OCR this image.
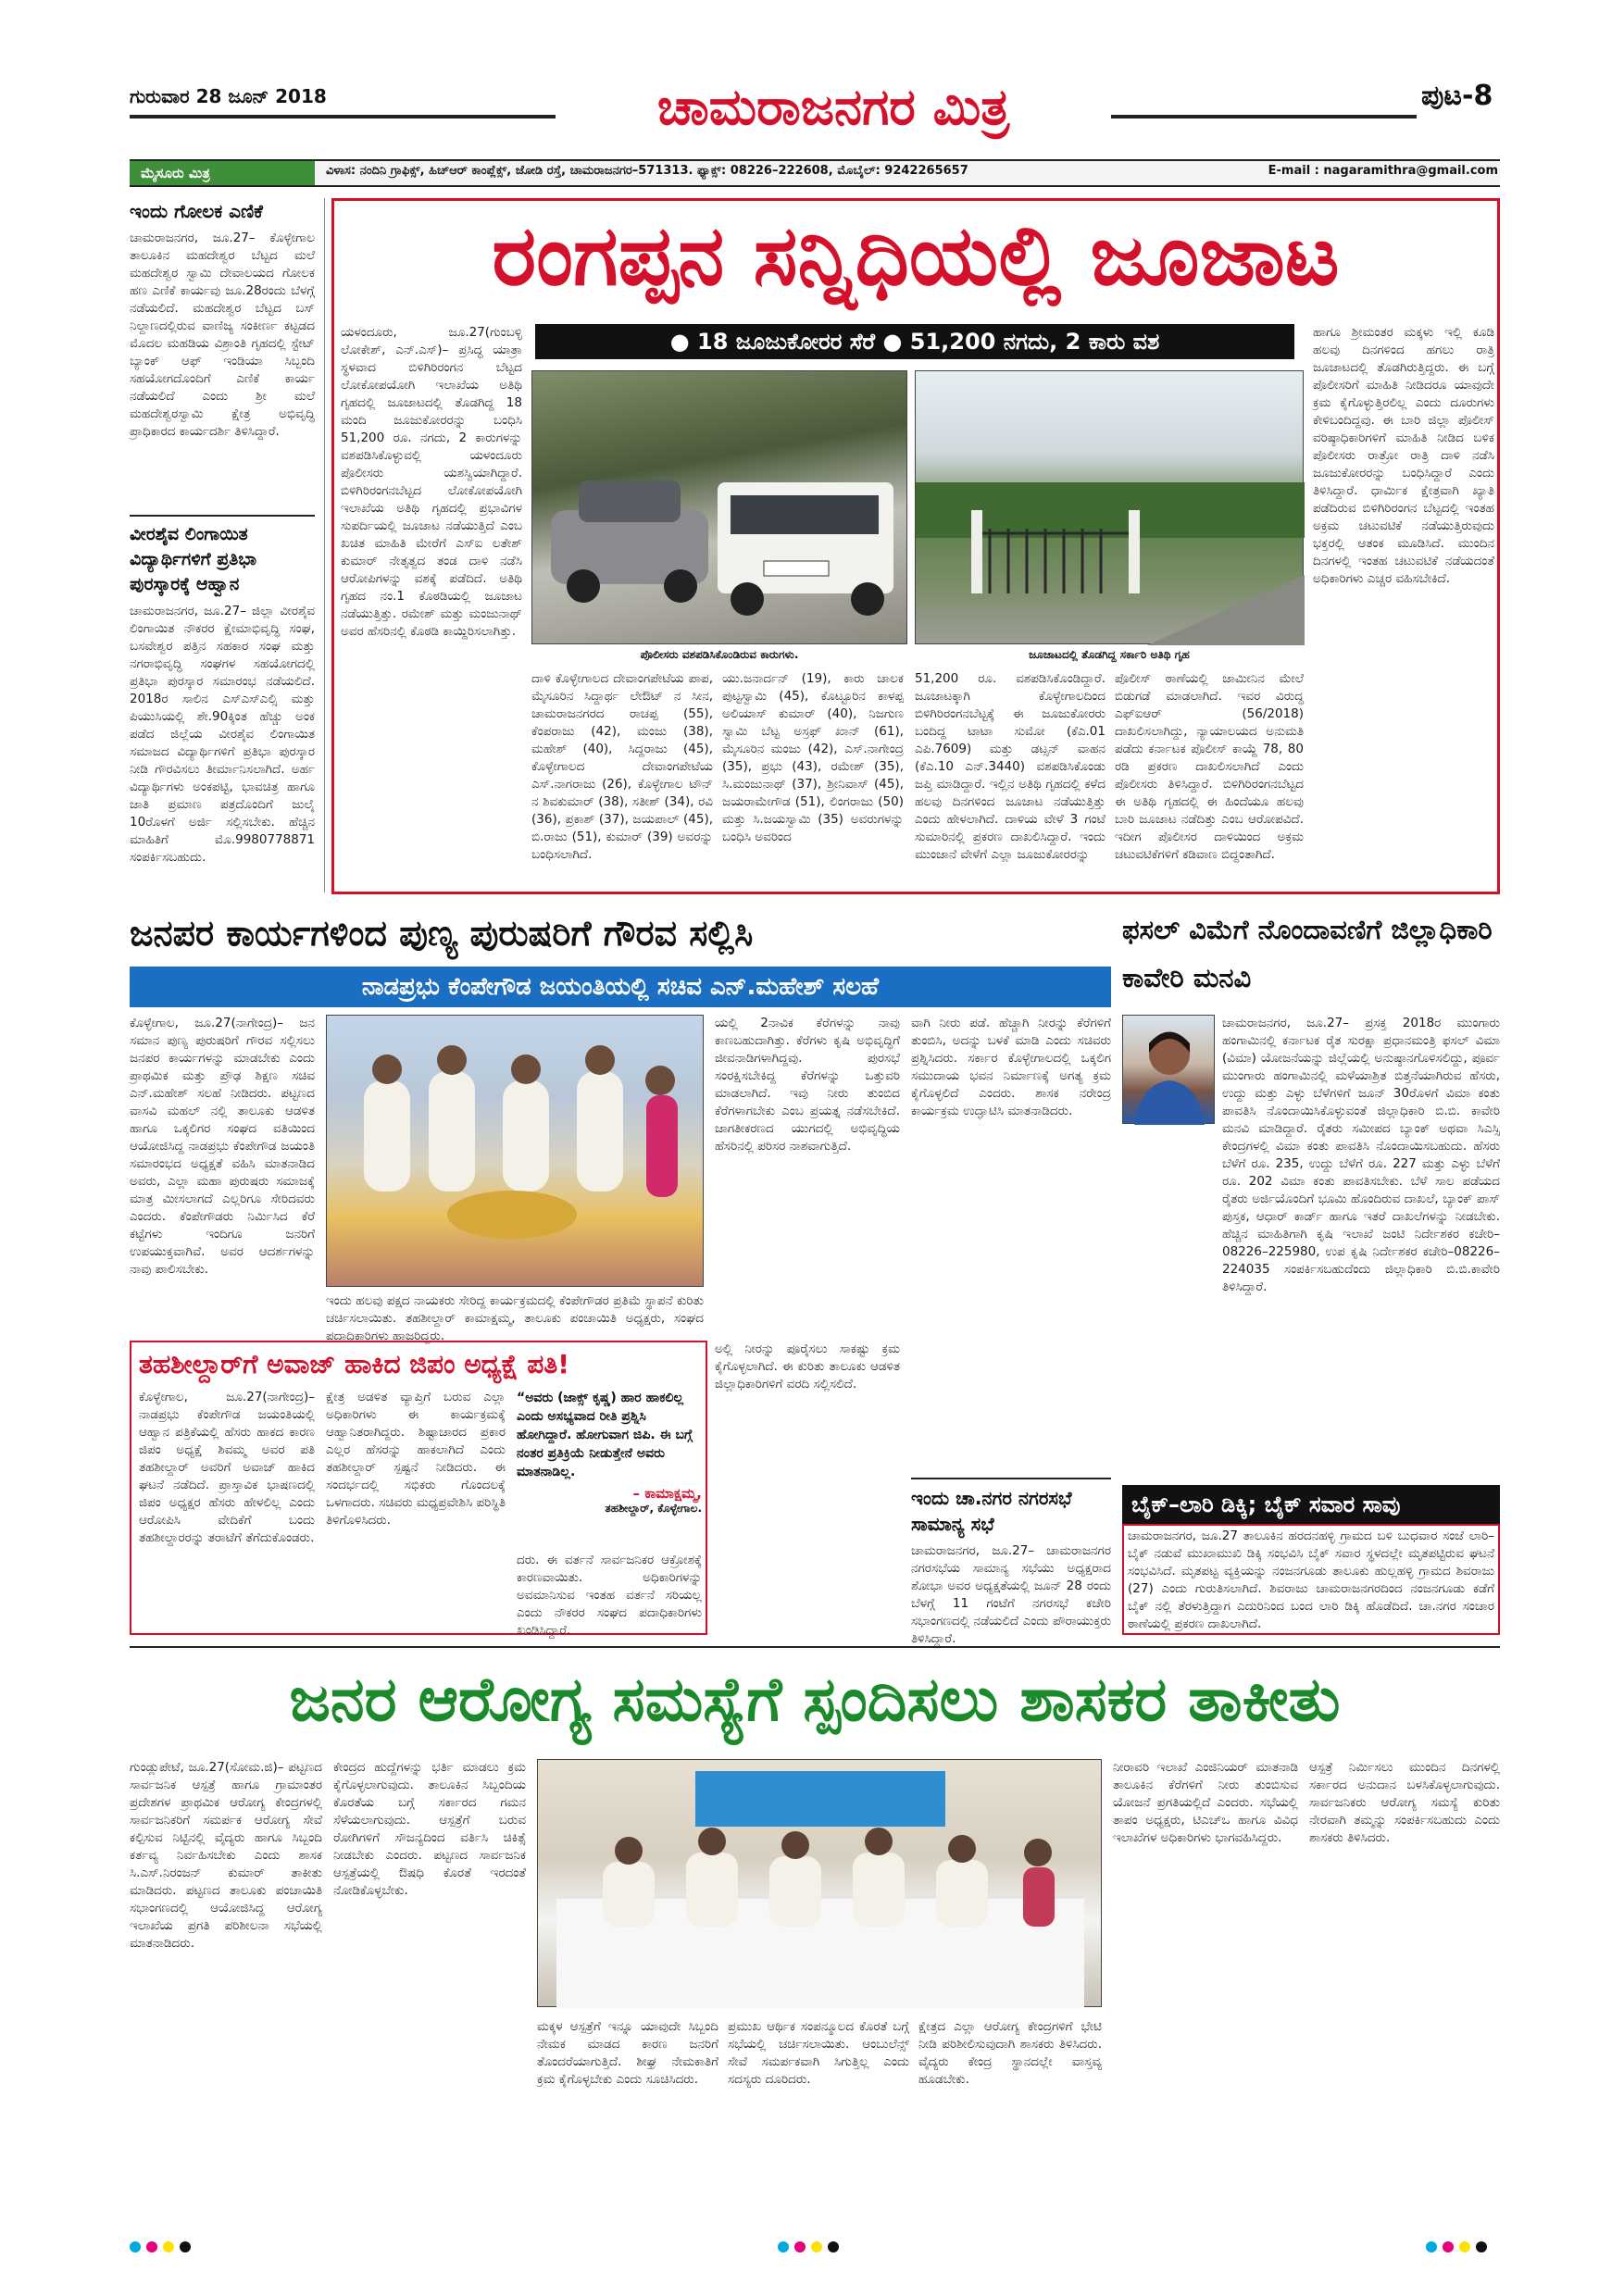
ಗುರುವಾರ 28 ಜೂನ್ 2018	ಚಾಮರಾಜನಗರ ಮಿತ್ರ	ಪುಟ-8
ಮೈಸೂರು ಮಿತ್ರ	ವಿಳಾಸ: ನಂದಿನಿ ಗ್ರಾಫಿಕ್ಸ್, ಹಿಚ್ಆರ್ ಕಾಂಪ್ಲೆಕ್ಸ್, ಜೋಡಿ ರಸ್ತೆ, ಚಾಮರಾಜನಗರ–571313. ಫ್ಯಾಕ್ಸ್: 08226–222608, ಮೊಬೈಲ್: 9242265657	E-mail : nagaramithra@gmail.com
ಇಂದು ಗೋಲಕ ಎಣಿಕೆ
ಚಾಮರಾಜನಗರ, ಜೂ.27– ಕೊಳ್ಳೇಗಾಲ ತಾಲೂಕಿನ ಮಹದೇಶ್ವರ ಬೆಟ್ಟದ ಮಲೆ ಮಹದೇಶ್ವರ ಸ್ವಾಮಿ ದೇವಾಲಯದ ಗೋಲಕ ಹಣ ಎಣಿಕೆ ಕಾರ್ಯವು ಜೂ.28ರಂದು ಬೆಳಗ್ಗೆ ನಡೆಯಲಿದೆ. ಮಹದೇಶ್ವರ ಬೆಟ್ಟದ ಬಸ್ ನಿಲ್ದಾಣದಲ್ಲಿರುವ ವಾಣಿಜ್ಯ ಸಂಕೀರ್ಣ ಕಟ್ಟಡದ ಮೊದಲ ಮಹಡಿಯ ವಿಶ್ರಾಂತಿ ಗೃಹದಲ್ಲಿ ಸ್ಟೇಟ್ ಬ್ಯಾಂಕ್ ಆಫ್ ಇಂಡಿಯಾ ಸಿಬ್ಬಂದಿ ಸಹಯೋಗದೊಂದಿಗೆ ಎಣಿಕೆ ಕಾರ್ಯ ನಡೆಯಲಿದೆ ಎಂದು ಶ್ರೀ ಮಲೆ ಮಹದೇಶ್ವರಸ್ವಾಮಿ ಕ್ಷೇತ್ರ ಅಭಿವೃದ್ಧಿ ಪ್ರಾಧಿಕಾರದ ಕಾರ್ಯದರ್ಶಿ ತಿಳಿಸಿದ್ದಾರೆ.
ವೀರಶೈವ ಲಿಂಗಾಯಿತ ವಿದ್ಯಾರ್ಥಿಗಳಿಗೆ ಪ್ರತಿಭಾ ಪುರಸ್ಕಾರಕ್ಕೆ ಆಹ್ವಾನ
ಚಾಮರಾಜನಗರ, ಜೂ.27– ಜಿಲ್ಲಾ ವೀರಶೈವ ಲಿಂಗಾಯಿತ ನೌಕರರ ಕ್ಷೇಮಾಭಿವೃದ್ಧಿ ಸಂಘ, ಬಸವೇಶ್ವರ ಪತ್ತಿನ ಸಹಕಾರ ಸಂಘ ಮತ್ತು ನಗರಾಭಿವೃದ್ಧಿ ಸಂಘಗಳ ಸಹಯೋಗದಲ್ಲಿ ಪ್ರತಿಭಾ ಪುರಸ್ಕಾರ ಸಮಾರಂಭ ನಡೆಯಲಿದೆ. 2018ರ ಸಾಲಿನ ಎಸ್ಎಸ್ಎಲ್ಸಿ ಮತ್ತು ಪಿಯುಸಿಯಲ್ಲಿ ಶೇ.90ಕ್ಕಿಂತ ಹೆಚ್ಚು ಅಂಕ ಪಡೆದ ಜಿಲ್ಲೆಯ ವೀರಶೈವ ಲಿಂಗಾಯಿತ ಸಮಾಜದ ವಿದ್ಯಾರ್ಥಿಗಳಿಗೆ ಪ್ರತಿಭಾ ಪುರಸ್ಕಾರ ನೀಡಿ ಗೌರವಿಸಲು ತೀರ್ಮಾನಿಸಲಾಗಿದೆ. ಅರ್ಹ ವಿದ್ಯಾರ್ಥಿಗಳು ಅಂಕಪಟ್ಟಿ, ಭಾವಚಿತ್ರ ಹಾಗೂ ಜಾತಿ ಪ್ರಮಾಣ ಪತ್ರದೊಂದಿಗೆ ಜುಲೈ 10ರೊಳಗೆ ಅರ್ಜಿ ಸಲ್ಲಿಸಬೇಕು. ಹೆಚ್ಚಿನ ಮಾಹಿತಿಗೆ ಮೊ.9980778871 ಸಂಪರ್ಕಿಸಬಹುದು.
ರಂಗಪ್ಪನ ಸನ್ನಿಧಿಯಲ್ಲಿ ಜೂಜಾಟ
● 18 ಜೂಜುಕೋರರ ಸೆರೆ ● 51,200 ನಗದು, 2 ಕಾರು ವಶ
ಯಳಂದೂರು, ಜೂ.27(ಗುಂಬಳ್ಳಿ ಲೋಕೇಶ್, ಎನ್.ಎಸ್)– ಪ್ರಸಿದ್ಧ ಯಾತ್ರಾ ಸ್ಥಳವಾದ ಬಿಳಿಗಿರಿರಂಗನ ಬೆಟ್ಟದ ಲೋಕೋಪಯೋಗಿ ಇಲಾಖೆಯ ಅತಿಥಿ ಗೃಹದಲ್ಲಿ ಜೂಜಾಟದಲ್ಲಿ ತೊಡಗಿದ್ದ 18 ಮಂದಿ ಜೂಜುಕೋರರನ್ನು ಬಂಧಿಸಿ 51,200 ರೂ. ನಗದು, 2 ಕಾರುಗಳನ್ನು ವಶಪಡಿಸಿಕೊಳ್ಳುವಲ್ಲಿ ಯಳಂದೂರು ಪೊಲೀಸರು ಯಶಸ್ವಿಯಾಗಿದ್ದಾರೆ. ಬಿಳಿಗಿರಿರಂಗನಬೆಟ್ಟದ ಲೋಕೋಪಯೋಗಿ ಇಲಾಖೆಯ ಅತಿಥಿ ಗೃಹದಲ್ಲಿ ಪ್ರಭಾವಿಗಳ ಸುಪರ್ದಿಯಲ್ಲಿ ಜೂಜಾಟ ನಡೆಯುತ್ತಿದೆ ಎಂಬ ಖಚಿತ ಮಾಹಿತಿ ಮೇರೆಗೆ ಎಸ್ಐ ಲತೇಶ್ ಕುಮಾರ್ ನೇತೃತ್ವದ ತಂಡ ದಾಳಿ ನಡೆಸಿ ಆರೋಪಿಗಳನ್ನು ವಶಕ್ಕೆ ಪಡೆದಿದೆ. ಅತಿಥಿ ಗೃಹದ ನಂ.1 ಕೊಠಡಿಯಲ್ಲಿ ಜೂಜಾಟ ನಡೆಯುತ್ತಿತ್ತು. ರಮೇಶ್ ಮತ್ತು ಮಂಜುನಾಥ್ ಅವರ ಹೆಸರಿನಲ್ಲಿ ಕೊಠಡಿ ಕಾಯ್ದಿರಿಸಲಾಗಿತ್ತು.
ಪೊಲೀಸರು ವಶಪಡಿಸಿಕೊಂಡಿರುವ ಕಾರುಗಳು.	ಜೂಜಾಟದಲ್ಲಿ ತೊಡಗಿದ್ದ ಸರ್ಕಾರಿ ಅತಿಥಿ ಗೃಹ
ದಾಳಿ ಕೊಳ್ಳೇಗಾಲದ ದೇವಾಂಗಪೇಟೆಯ ಪಾಪ, ಮೈಸೂರಿನ ಸಿದ್ದಾರ್ಥ ಲೇಔಟ್ ನ ಸೀನ, ಚಾಮರಾಜನಗರದ ರಾಚಪ್ಪ (55), ಕೆಂಪರಾಜು (42), ಮಂಜು (38), ಮಹೇಶ್ (40), ಸಿದ್ದರಾಜು (45), ಕೊಳ್ಳೇಗಾಲದ ದೇವಾಂಗಪೇಟೆಯ ಎಸ್.ನಾಗರಾಜು (26), ಕೊಳ್ಳೇಗಾಲ ಟೌನ್ ನ ಶಿವಕುಮಾರ್ (38), ಸತೀಶ್ (34), ರವಿ (36), ಪ್ರಕಾಶ್ (37), ಜಯಪಾಲ್ (45), ಬಿ.ರಾಜು (51), ಕುಮಾರ್ (39) ಅವರನ್ನು ಬಂಧಿಸಲಾಗಿದೆ.
ಯು.ಜನಾರ್ದನ್ (19), ಕಾರು ಚಾಲಕ ಪುಟ್ಟಸ್ವಾಮಿ (45), ಕೊಟ್ಟೂರಿನ ಕಾಳಪ್ಪ ಅಲಿಯಾಸ್ ಕುಮಾರ್ (40), ನಿಜಗುಣ ಸ್ವಾಮಿ ಬೆಟ್ಟ ಅಸ್ರಫ್ ಖಾನ್ (61), ಮೈಸೂರಿನ ಮಂಜು (42), ಎಸ್.ನಾಗೇಂದ್ರ (35), ಪ್ರಭು (43), ರಮೇಶ್ (35), ಸಿ.ಮಂಜುನಾಥ್ (37), ಶ್ರೀನಿವಾಸ್ (45), ಜಯರಾಮೇಗೌಡ (51), ಲಿಂಗರಾಜು (50) ಮತ್ತು ಸಿ.ಜಯಸ್ವಾಮಿ (35) ಅವರುಗಳನ್ನು ಬಂಧಿಸಿ ಅವರಿಂದ
51,200 ರೂ. ವಶಪಡಿಸಿಕೊಂಡಿದ್ದಾರೆ. ಜೂಜಾಟಕ್ಕಾಗಿ ಕೊಳ್ಳೇಗಾಲದಿಂದ ಬಿಳಿಗಿರಿರಂಗನಬೆಟ್ಟಕ್ಕೆ ಈ ಜೂಜುಕೋರರು ಬಂದಿದ್ದ ಟಾಟಾ ಸುಮೋ (ಕೆಎ.01 ಎಪಿ.7609) ಮತ್ತು ಡಟ್ಸನ್ ವಾಹನ (ಕೆಎ.10 ಎನ್.3440) ವಶಪಡಿಸಿಕೊಂಡು ಜಪ್ತಿ ಮಾಡಿದ್ದಾರೆ. ಇಲ್ಲಿನ ಅತಿಥಿ ಗೃಹದಲ್ಲಿ ಕಳೆದ ಹಲವು ದಿನಗಳಿಂದ ಜೂಜಾಟ ನಡೆಯುತ್ತಿತ್ತು ಎಂದು ಹೇಳಲಾಗಿದೆ. ದಾಳಿಯ ವೇಳೆ 3 ಗಂಟೆ ಸುಮಾರಿನಲ್ಲಿ ಪ್ರಕರಣ ದಾಖಲಿಸಿದ್ದಾರೆ. ಇಂದು ಮುಂಜಾನೆ ವೇಳೆಗೆ ಎಲ್ಲಾ ಜೂಜುಕೋರರನ್ನು
ಪೊಲೀಸ್ ಠಾಣೆಯಲ್ಲಿ ಜಾಮೀನಿನ ಮೇಲೆ ಬಿಡುಗಡೆ ಮಾಡಲಾಗಿದೆ. ಇವರ ವಿರುದ್ಧ ಎಫ್ಐಆರ್ (56/2018) ದಾಖಲಿಸಲಾಗಿದ್ದು, ನ್ಯಾಯಾಲಯದ ಅನುಮತಿ ಪಡೆದು ಕರ್ನಾಟಕ ಪೊಲೀಸ್ ಕಾಯ್ದೆ 78, 80 ರಡಿ ಪ್ರಕರಣ ದಾಖಲಿಸಲಾಗಿದೆ ಎಂದು ಪೊಲೀಸರು ತಿಳಿಸಿದ್ದಾರೆ. ಬಿಳಿಗಿರಿರಂಗನಬೆಟ್ಟದ ಈ ಅತಿಥಿ ಗೃಹದಲ್ಲಿ ಈ ಹಿಂದೆಯೂ ಹಲವು ಬಾರಿ ಜೂಜಾಟ ನಡೆದಿತ್ತು ಎಂಬ ಆರೋಪವಿದೆ. ಇದೀಗ ಪೊಲೀಸರ ದಾಳಿಯಿಂದ ಅಕ್ರಮ ಚಟುವಟಿಕೆಗಳಿಗೆ ಕಡಿವಾಣ ಬಿದ್ದಂತಾಗಿದೆ.
ಹಾಗೂ ಶ್ರೀಮಂತರ ಮಕ್ಕಳು ಇಲ್ಲಿ ಕೂಡಿ ಹಲವು ದಿನಗಳಿಂದ ಹಗಲು ರಾತ್ರಿ ಜೂಜಾಟದಲ್ಲಿ ತೊಡಗಿರುತ್ತಿದ್ದರು. ಈ ಬಗ್ಗೆ ಪೊಲೀಸರಿಗೆ ಮಾಹಿತಿ ನೀಡಿದರೂ ಯಾವುದೇ ಕ್ರಮ ಕೈಗೊಳ್ಳುತ್ತಿರಲಿಲ್ಲ ಎಂದು ದೂರುಗಳು ಕೇಳಿಬಂದಿದ್ದವು. ಈ ಬಾರಿ ಜಿಲ್ಲಾ ಪೊಲೀಸ್ ವರಿಷ್ಠಾಧಿಕಾರಿಗಳಿಗೆ ಮಾಹಿತಿ ನೀಡಿದ ಬಳಿಕ ಪೊಲೀಸರು ರಾತ್ರೋ ರಾತ್ರಿ ದಾಳಿ ನಡೆಸಿ ಜೂಜುಕೋರರನ್ನು ಬಂಧಿಸಿದ್ದಾರೆ ಎಂದು ತಿಳಿಸಿದ್ದಾರೆ. ಧಾರ್ಮಿಕ ಕ್ಷೇತ್ರವಾಗಿ ಖ್ಯಾತಿ ಪಡೆದಿರುವ ಬಿಳಿಗಿರಿರಂಗನ ಬೆಟ್ಟದಲ್ಲಿ ಇಂತಹ ಅಕ್ರಮ ಚಟುವಟಿಕೆ ನಡೆಯುತ್ತಿರುವುದು ಭಕ್ತರಲ್ಲಿ ಆತಂಕ ಮೂಡಿಸಿದೆ. ಮುಂದಿನ ದಿನಗಳಲ್ಲಿ ಇಂತಹ ಚಟುವಟಿಕೆ ನಡೆಯದಂತೆ ಅಧಿಕಾರಿಗಳು ಎಚ್ಚರ ವಹಿಸಬೇಕಿದೆ.
ಜನಪರ ಕಾರ್ಯಗಳಿಂದ ಪುಣ್ಯ ಪುರುಷರಿಗೆ ಗೌರವ ಸಲ್ಲಿಸಿ
ನಾಡಪ್ರಭು ಕೆಂಪೇಗೌಡ ಜಯಂತಿಯಲ್ಲಿ ಸಚಿವ ಎನ್.ಮಹೇಶ್ ಸಲಹೆ
ಕೊಳ್ಳೇಗಾಲ, ಜೂ.27(ನಾಗೇಂದ್ರ)– ಜನ ಸಮಾನ ಪುಣ್ಯ ಪುರುಷರಿಗೆ ಗೌರವ ಸಲ್ಲಿಸಲು ಜನಪರ ಕಾರ್ಯಗಳನ್ನು ಮಾಡಬೇಕು ಎಂದು ಪ್ರಾಥಮಿಕ ಮತ್ತು ಪ್ರೌಢ ಶಿಕ್ಷಣ ಸಚಿವ ಎನ್.ಮಹೇಶ್ ಸಲಹೆ ನೀಡಿದರು. ಪಟ್ಟಣದ ವಾಸವಿ ಮಹಲ್ ನಲ್ಲಿ ತಾಲೂಕು ಆಡಳಿತ ಹಾಗೂ ಒಕ್ಕಲಿಗರ ಸಂಘದ ವತಿಯಿಂದ ಆಯೋಜಿಸಿದ್ದ ನಾಡಪ್ರಭು ಕೆಂಪೇಗೌಡ ಜಯಂತಿ ಸಮಾರಂಭದ ಅಧ್ಯಕ್ಷತೆ ವಹಿಸಿ ಮಾತನಾಡಿದ ಅವರು, ಎಲ್ಲಾ ಮಹಾ ಪುರುಷರು ಸಮಾಜಕ್ಕೆ ಮಾತ್ರ ಮೀಸಲಾಗದೆ ಎಲ್ಲರಿಗೂ ಸೇರಿದವರು ಎಂದರು. ಕೆಂಪೇಗೌಡರು ನಿರ್ಮಿಸಿದ ಕೆರೆ ಕಟ್ಟೆಗಳು ಇಂದಿಗೂ ಜನರಿಗೆ ಉಪಯುಕ್ತವಾಗಿವೆ. ಅವರ ಆದರ್ಶಗಳನ್ನು ನಾವು ಪಾಲಿಸಬೇಕು.
ಯಲ್ಲಿ 2ನಾವಿಕ ಕೆರೆಗಳನ್ನು ನಾವು ಕಾಣಬಹುದಾಗಿತ್ತು. ಕೆರೆಗಳು ಕೃಷಿ ಅಭಿವೃದ್ಧಿಗೆ ಜೀವನಾಡಿಗಳಾಗಿದ್ದವು. ಪುರಸಭೆ ಸಂರಕ್ಷಿಸಬೇಕಿದ್ದ ಕೆರೆಗಳನ್ನು ಒತ್ತುವರಿ ಮಾಡಲಾಗಿದೆ. ಇವು ನೀರು ತುಂಬಿದ ಕೆರೆಗಳಾಗಬೇಕು ಎಂಬ ಪ್ರಯತ್ನ ನಡೆಸಬೇಕಿದೆ. ಜಾಗತೀಕರಣದ ಯುಗದಲ್ಲಿ ಅಭಿವೃದ್ಧಿಯ ಹೆಸರಿನಲ್ಲಿ ಪರಿಸರ ನಾಶವಾಗುತ್ತಿದೆ.
ವಾಗಿ ನೀರು ಪಡೆ. ಹೆಚ್ಚಾಗಿ ನೀರನ್ನು ಕೆರೆಗಳಿಗೆ ತುಂಬಿಸಿ, ಅದನ್ನು ಬಳಕೆ ಮಾಡಿ ಎಂದು ಸಚಿವರು ಪ್ರಶ್ನಿಸಿದರು. ಸರ್ಕಾರ ಕೊಳ್ಳೇಗಾಲದಲ್ಲಿ ಒಕ್ಕಲಿಗ ಸಮುದಾಯ ಭವನ ನಿರ್ಮಾಣಕ್ಕೆ ಅಗತ್ಯ ಕ್ರಮ ಕೈಗೊಳ್ಳಲಿದೆ ಎಂದರು. ಶಾಸಕ ನರೇಂದ್ರ ಕಾರ್ಯಕ್ರಮ ಉದ್ಘಾಟಿಸಿ ಮಾತನಾಡಿದರು.
ಇಂದು ಹಲವು ಪಕ್ಷದ ನಾಯಕರು ಸೇರಿದ್ದ ಕಾರ್ಯಕ್ರಮದಲ್ಲಿ ಕೆಂಪೇಗೌಡರ ಪ್ರತಿಮೆ ಸ್ಥಾಪನೆ ಕುರಿತು ಚರ್ಚಿಸಲಾಯಿತು. ತಹಶೀಲ್ದಾರ್ ಕಾಮಾಕ್ಷಮ್ಮ, ತಾಲೂಕು ಪಂಚಾಯಿತಿ ಅಧ್ಯಕ್ಷರು, ಸಂಘದ ಪದಾಧಿಕಾರಿಗಳು ಹಾಜರಿದ್ದರು.
ತಹಶೀಲ್ದಾರ್‌ಗೆ ಅವಾಜ್ ಹಾಕಿದ ಜಿಪಂ ಅಧ್ಯಕ್ಷೆ ಪತಿ!
ಕೊಳ್ಳೇಗಾಲ, ಜೂ.27(ನಾಗೇಂದ್ರ)– ನಾಡಪ್ರಭು ಕೆಂಪೇಗೌಡ ಜಯಂತಿಯಲ್ಲಿ ಆಹ್ವಾನ ಪತ್ರಿಕೆಯಲ್ಲಿ ಹೆಸರು ಹಾಕದ ಕಾರಣ ಜಿಪಂ ಅಧ್ಯಕ್ಷೆ ಶಿವಮ್ಮ ಅವರ ಪತಿ ತಹಶೀಲ್ದಾರ್ ಅವರಿಗೆ ಅವಾಜ್ ಹಾಕಿದ ಘಟನೆ ನಡೆದಿದೆ. ಪ್ರಾಸ್ತಾವಿಕ ಭಾಷಣದಲ್ಲಿ ಜಿಪಂ ಅಧ್ಯಕ್ಷರ ಹೆಸರು ಹೇಳಲಿಲ್ಲ ಎಂದು ಆರೋಪಿಸಿ ವೇದಿಕೆಗೆ ಬಂದು ತಹಶೀಲ್ದಾರರನ್ನು ತರಾಟೆಗೆ ತೆಗೆದುಕೊಂಡರು.
ಕ್ಷೇತ್ರ ಅಡಳಿತ ವ್ಯಾಪ್ತಿಗೆ ಬರುವ ಎಲ್ಲಾ ಅಧಿಕಾರಿಗಳು ಈ ಕಾರ್ಯಕ್ರಮಕ್ಕೆ ಆಹ್ವಾನಿತರಾಗಿದ್ದರು. ಶಿಷ್ಟಾಚಾರದ ಪ್ರಕಾರ ಎಲ್ಲರ ಹೆಸರನ್ನು ಹಾಕಲಾಗಿದೆ ಎಂದು ತಹಶೀಲ್ದಾರ್ ಸ್ಪಷ್ಟನೆ ನೀಡಿದರು. ಈ ಸಂದರ್ಭದಲ್ಲಿ ಸಭಿಕರು ಗೊಂದಲಕ್ಕೆ ಒಳಗಾದರು. ಸಚಿವರು ಮಧ್ಯಪ್ರವೇಶಿಸಿ ಪರಿಸ್ಥಿತಿ ತಿಳಿಗೊಳಿಸಿದರು.
“ಅವರು (ಜಾಕ್ಸ್ ಕೃಷ್ಣ) ಹಾರ ಹಾಕಲಿಲ್ಲ ಎಂದು ಅಸಭ್ಯವಾದ ರೀತಿ ಪ್ರಶ್ನಿಸಿ ಹೋಗಿದ್ದಾರೆ. ಹೋಗುವಾಗ ಜಿಪಿ. ಈ ಬಗ್ಗೆ ನಂತರ ಪ್ರತಿಕ್ರಿಯೆ ನೀಡುತ್ತೇನೆ ಅವರು ಮಾತನಾಡಿಲ್ಲ.
– ಕಾಮಾಕ್ಷಮ್ಮ,
ತಹಶೀಲ್ದಾರ್, ಕೊಳ್ಳೇಗಾಲ.
ದರು. ಈ ವರ್ತನೆ ಸಾರ್ವಜನಿಕರ ಆಕ್ರೋಶಕ್ಕೆ ಕಾರಣವಾಯಿತು. ಅಧಿಕಾರಿಗಳನ್ನು ಅವಮಾನಿಸುವ ಇಂತಹ ವರ್ತನೆ ಸರಿಯಲ್ಲ ಎಂದು ನೌಕರರ ಸಂಘದ ಪದಾಧಿಕಾರಿಗಳು ಖಂಡಿಸಿದ್ದಾರೆ.
ಅಲ್ಲಿ ನೀರನ್ನು ಪೂರೈಸಲು ಸಾಕಷ್ಟು ಕ್ರಮ ಕೈಗೊಳ್ಳಲಾಗಿದೆ. ಈ ಕುರಿತು ತಾಲೂಕು ಆಡಳಿತ ಜಿಲ್ಲಾಧಿಕಾರಿಗಳಿಗೆ ವರದಿ ಸಲ್ಲಿಸಲಿದೆ.
ಇಂದು ಚಾ.ನಗರ ನಗರಸಭೆ ಸಾಮಾನ್ಯ ಸಭೆ
ಚಾಮರಾಜನಗರ, ಜೂ.27– ಚಾಮರಾಜನಗರ ನಗರಸಭೆಯ ಸಾಮಾನ್ಯ ಸಭೆಯು ಅಧ್ಯಕ್ಷರಾದ ಶೋಭಾ ಅವರ ಅಧ್ಯಕ್ಷತೆಯಲ್ಲಿ ಜೂನ್ 28 ರಂದು ಬೆಳಗ್ಗೆ 11 ಗಂಟೆಗೆ ನಗರಸಭೆ ಕಚೇರಿ ಸಭಾಂಗಣದಲ್ಲಿ ನಡೆಯಲಿದೆ ಎಂದು ಪೌರಾಯುಕ್ತರು ತಿಳಿಸಿದ್ದಾರೆ.
ಫಸಲ್ ವಿಮೆಗೆ ನೊಂದಾವಣಿಗೆ ಜಿಲ್ಲಾಧಿಕಾರಿ ಕಾವೇರಿ ಮನವಿ
ಚಾಮರಾಜನಗರ, ಜೂ.27– ಪ್ರಸಕ್ತ 2018ರ ಮುಂಗಾರು ಹಂಗಾಮಿನಲ್ಲಿ ಕರ್ನಾಟಕ ರೈತ ಸುರಕ್ಷಾ ಪ್ರಧಾನಮಂತ್ರಿ ಫಸಲ್ ವಿಮಾ (ವಿಮಾ) ಯೋಜನೆಯನ್ನು ಜಿಲ್ಲೆಯಲ್ಲಿ ಅನುಷ್ಠಾನಗೊಳಿಸಲಿದ್ದು, ಪೂರ್ವ ಮುಂಗಾರು ಹಂಗಾಮಿನಲ್ಲಿ ಮಳೆಯಾಶ್ರಿತ ಬಿತ್ತನೆಯಾಗಿರುವ ಹೆಸರು, ಉದ್ದು ಮತ್ತು ಎಳ್ಳು ಬೆಳೆಗಳಿಗೆ ಜೂನ್ 30ರೊಳಗೆ ವಿಮಾ ಕಂತು ಪಾವತಿಸಿ ನೊಂದಾಯಿಸಿಕೊಳ್ಳುವಂತೆ ಜಿಲ್ಲಾಧಿಕಾರಿ ಬಿ.ಬಿ. ಕಾವೇರಿ ಮನವಿ ಮಾಡಿದ್ದಾರೆ. ರೈತರು ಸಮೀಪದ ಬ್ಯಾಂಕ್ ಅಥವಾ ಸಿಎಸ್ಸಿ ಕೇಂದ್ರಗಳಲ್ಲಿ ವಿಮಾ ಕಂತು ಪಾವತಿಸಿ ನೊಂದಾಯಿಸಬಹುದು. ಹೆಸರು ಬೆಳೆಗೆ ರೂ. 235, ಉದ್ದು ಬೆಳೆಗೆ ರೂ. 227 ಮತ್ತು ಎಳ್ಳು ಬೆಳೆಗೆ ರೂ. 202 ವಿಮಾ ಕಂತು ಪಾವತಿಸಬೇಕು. ಬೆಳೆ ಸಾಲ ಪಡೆಯದ ರೈತರು ಅರ್ಜಿಯೊಂದಿಗೆ ಭೂಮಿ ಹೊಂದಿರುವ ದಾಖಲೆ, ಬ್ಯಾಂಕ್ ಪಾಸ್ ಪುಸ್ತಕ, ಆಧಾರ್ ಕಾರ್ಡ್ ಹಾಗೂ ಇತರೆ ದಾಖಲೆಗಳನ್ನು ನೀಡಬೇಕು. ಹೆಚ್ಚಿನ ಮಾಹಿತಿಗಾಗಿ ಕೃಷಿ ಇಲಾಖೆ ಜಂಟಿ ನಿರ್ದೇಶಕರ ಕಚೇರಿ–08226–225980, ಉಪ ಕೃಷಿ ನಿರ್ದೇಶಕರ ಕಚೇರಿ–08226–224035 ಸಂಪರ್ಕಿಸಬಹುದೆಂದು ಜಿಲ್ಲಾಧಿಕಾರಿ ಬಿ.ಬಿ.ಕಾವೇರಿ ತಿಳಿಸಿದ್ದಾರೆ.
ಬೈಕ್–ಲಾರಿ ಡಿಕ್ಕಿ; ಬೈಕ್ ಸವಾರ ಸಾವು
ಚಾಮರಾಜನಗರ, ಜೂ.27 ತಾಲೂಕಿನ ಹರದನಹಳ್ಳಿ ಗ್ರಾಮದ ಬಳಿ ಬುಧವಾರ ಸಂಜೆ ಲಾರಿ–ಬೈಕ್ ನಡುವೆ ಮುಖಾಮುಖಿ ಡಿಕ್ಕಿ ಸಂಭವಿಸಿ ಬೈಕ್ ಸವಾರ ಸ್ಥಳದಲ್ಲೇ ಮೃತಪಟ್ಟಿರುವ ಘಟನೆ ಸಂಭವಿಸಿದೆ. ಮೃತಪಟ್ಟ ವ್ಯಕ್ತಿಯನ್ನು ನಂಜನಗೂಡು ತಾಲೂಕು ಹುಲ್ಲಹಳ್ಳಿ ಗ್ರಾಮದ ಶಿವರಾಜು (27) ಎಂದು ಗುರುತಿಸಲಾಗಿದೆ. ಶಿವರಾಜು ಚಾಮರಾಜನಗರದಿಂದ ನಂಜನಗೂಡು ಕಡೆಗೆ ಬೈಕ್ ನಲ್ಲಿ ತೆರಳುತ್ತಿದ್ದಾಗ ಎದುರಿನಿಂದ ಬಂದ ಲಾರಿ ಡಿಕ್ಕಿ ಹೊಡೆದಿದೆ. ಚಾ.ನಗರ ಸಂಚಾರ ಠಾಣೆಯಲ್ಲಿ ಪ್ರಕರಣ ದಾಖಲಾಗಿದೆ.
ಜನರ ಆರೋಗ್ಯ ಸಮಸ್ಯೆಗೆ ಸ್ಪಂದಿಸಲು ಶಾಸಕರ ತಾಕೀತು
ಗುಂಡ್ಲುಪೇಟೆ, ಜೂ.27(ಸೋಮ.ಜಿ)– ಪಟ್ಟಣದ ಸಾರ್ವಜನಿಕ ಆಸ್ಪತ್ರೆ ಹಾಗೂ ಗ್ರಾಮಾಂತರ ಪ್ರದೇಶಗಳ ಪ್ರಾಥಮಿಕ ಆರೋಗ್ಯ ಕೇಂದ್ರಗಳಲ್ಲಿ ಸಾರ್ವಜನಿಕರಿಗೆ ಸಮರ್ಪಕ ಆರೋಗ್ಯ ಸೇವೆ ಕಲ್ಪಿಸುವ ನಿಟ್ಟಿನಲ್ಲಿ ವೈದ್ಯರು ಹಾಗೂ ಸಿಬ್ಬಂದಿ ಕರ್ತವ್ಯ ನಿರ್ವಹಿಸಬೇಕು ಎಂದು ಶಾಸಕ ಸಿ.ಎಸ್.ನಿರಂಜನ್ ಕುಮಾರ್ ತಾಕೀತು ಮಾಡಿದರು. ಪಟ್ಟಣದ ತಾಲೂಕು ಪಂಚಾಯಿತಿ ಸಭಾಂಗಣದಲ್ಲಿ ಆಯೋಜಿಸಿದ್ದ ಆರೋಗ್ಯ ಇಲಾಖೆಯ ಪ್ರಗತಿ ಪರಿಶೀಲನಾ ಸಭೆಯಲ್ಲಿ ಮಾತನಾಡಿದರು.
ಕೇಂದ್ರದ ಹುದ್ದೆಗಳನ್ನು ಭರ್ತಿ ಮಾಡಲು ಕ್ರಮ ಕೈಗೊಳ್ಳಲಾಗುವುದು. ತಾಲೂಕಿನ ಸಿಬ್ಬಂದಿಯ ಕೊರತೆಯ ಬಗ್ಗೆ ಸರ್ಕಾರದ ಗಮನ ಸೆಳೆಯಲಾಗುವುದು. ಆಸ್ಪತ್ರೆಗೆ ಬರುವ ರೋಗಿಗಳಿಗೆ ಸೌಜನ್ಯದಿಂದ ವರ್ತಿಸಿ ಚಿಕಿತ್ಸೆ ನೀಡಬೇಕು ಎಂದರು. ಪಟ್ಟಣದ ಸಾರ್ವಜನಿಕ ಆಸ್ಪತ್ರೆಯಲ್ಲಿ ಔಷಧಿ ಕೊರತೆ ಇರದಂತೆ ನೋಡಿಕೊಳ್ಳಬೇಕು.
ಮಕ್ಕಳ ಆಸ್ಪತ್ರೆಗೆ ಇನ್ನೂ ಯಾವುದೇ ಸಿಬ್ಬಂದಿ ನೇಮಕ ಮಾಡದ ಕಾರಣ ಜನರಿಗೆ ತೊಂದರೆಯಾಗುತ್ತಿದೆ. ಶೀಘ್ರ ನೇಮಕಾತಿಗೆ ಕ್ರಮ ಕೈಗೊಳ್ಳಬೇಕು ಎಂದು ಸೂಚಿಸಿದರು.
ಪ್ರಮುಖ ಆರ್ಥಿಕ ಸಂಪನ್ಮೂಲದ ಕೊರತೆ ಬಗ್ಗೆ ಸಭೆಯಲ್ಲಿ ಚರ್ಚಿಸಲಾಯಿತು. ಆಂಬುಲೆನ್ಸ್ ಸೇವೆ ಸಮರ್ಪಕವಾಗಿ ಸಿಗುತ್ತಿಲ್ಲ ಎಂದು ಸದಸ್ಯರು ದೂರಿದರು.
ಕ್ಷೇತ್ರದ ಎಲ್ಲಾ ಆರೋಗ್ಯ ಕೇಂದ್ರಗಳಿಗೆ ಭೇಟಿ ನೀಡಿ ಪರಿಶೀಲಿಸುವುದಾಗಿ ಶಾಸಕರು ತಿಳಿಸಿದರು. ವೈದ್ಯರು ಕೇಂದ್ರ ಸ್ಥಾನದಲ್ಲೇ ವಾಸ್ತವ್ಯ ಹೂಡಬೇಕು.
ನೀರಾವರಿ ಇಲಾಖೆ ಎಂಜಿನಿಯರ್ ಮಾತನಾಡಿ ತಾಲೂಕಿನ ಕೆರೆಗಳಿಗೆ ನೀರು ತುಂಬಿಸುವ ಯೋಜನೆ ಪ್ರಗತಿಯಲ್ಲಿದೆ ಎಂದರು. ಸಭೆಯಲ್ಲಿ ತಾಪಂ ಅಧ್ಯಕ್ಷರು, ಟಿಎಚ್ಒ ಹಾಗೂ ವಿವಿಧ ಇಲಾಖೆಗಳ ಅಧಿಕಾರಿಗಳು ಭಾಗವಹಿಸಿದ್ದರು.
ಆಸ್ಪತ್ರೆ ನಿರ್ಮಿಸಲು ಮುಂದಿನ ದಿನಗಳಲ್ಲಿ ಸರ್ಕಾರದ ಅನುದಾನ ಬಳಸಿಕೊಳ್ಳಲಾಗುವುದು. ಸಾರ್ವಜನಿಕರು ಆರೋಗ್ಯ ಸಮಸ್ಯೆ ಕುರಿತು ನೇರವಾಗಿ ತಮ್ಮನ್ನು ಸಂಪರ್ಕಿಸಬಹುದು ಎಂದು ಶಾಸಕರು ತಿಳಿಸಿದರು.
